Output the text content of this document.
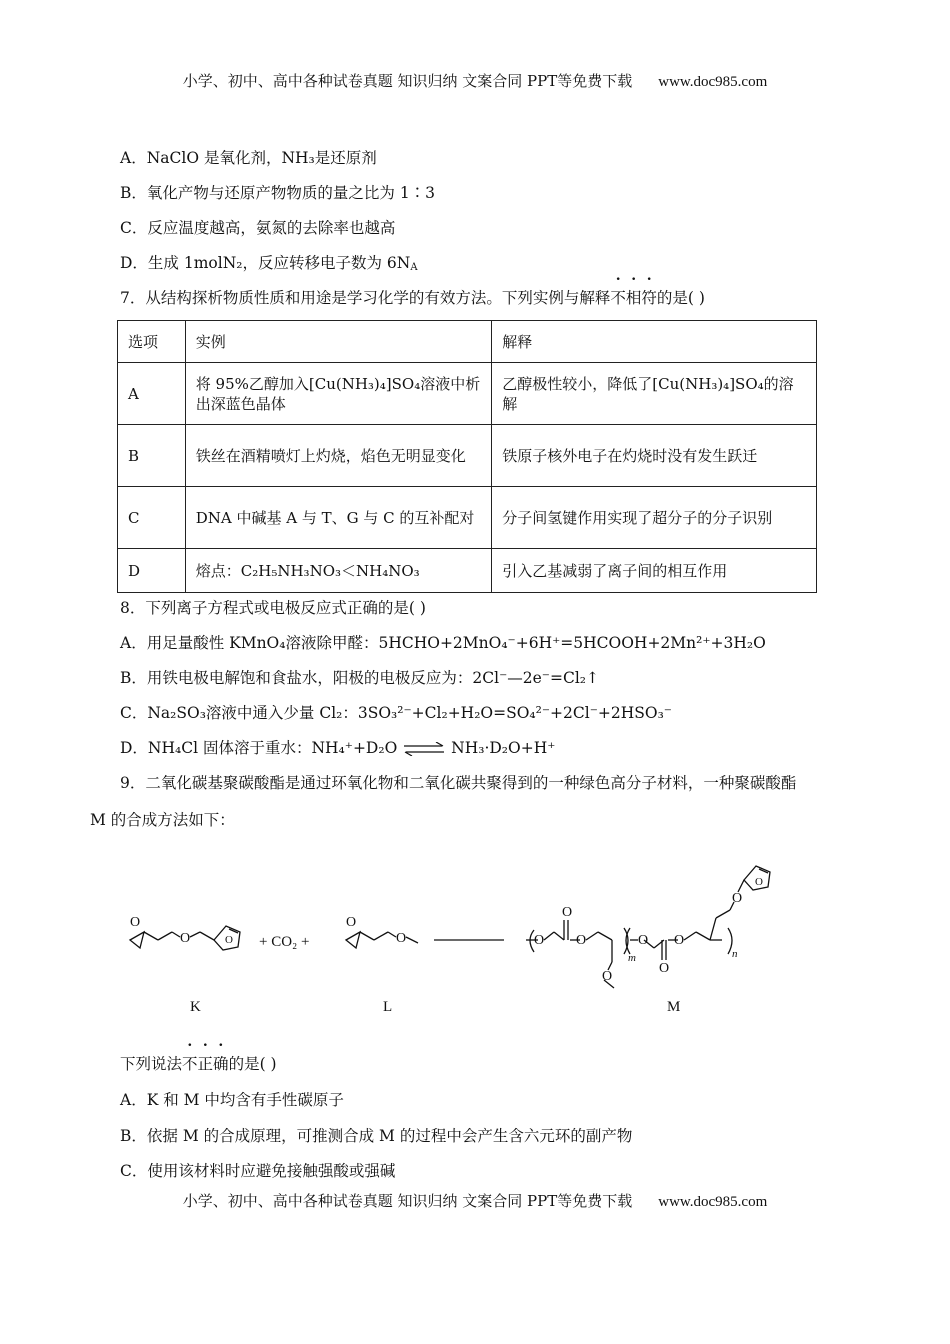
小学、初中、高中各种试卷真题 知识归纳 文案合同 PPT等免费下载 www.doc985.com
A．NaClO 是氧化剂，NH₃是还原剂
B．氧化产物与还原产物物质的量之比为 1∶3
C．反应温度越高，氨氮的去除率也越高
D．生成 1molN₂，反应转移电子数为 $6N_A$
7．从结构探析物质性质和用途是学习化学的有效方法。下列实例与解释不相符的是( )
选项	实例	解释
A	将 95%乙醇加入[Cu(NH₃)₄]SO₄溶液中析出深蓝色晶体	乙醇极性较小，降低了[Cu(NH₃)₄]SO₄的溶解
B	铁丝在酒精喷灯上灼烧，焰色无明显变化	铁原子核外电子在灼烧时没有发生跃迁
C	DNA 中碱基 A 与 T、G 与 C 的互补配对	分子间氢键作用实现了超分子的分子识别
D	熔点：C₂H₅NH₃NO₃＜NH₄NO₃	引入乙基减弱了离子间的相互作用
8．下列离子方程式或电极反应式正确的是( )
A．用足量酸性 KMnO₄溶液除甲醛：5HCHO+2MnO₄⁻+6H⁺=5HCOOH+2Mn²⁺+3H₂O
B．用铁电极电解饱和食盐水，阳极的电极反应为：2Cl⁻—2e⁻=Cl₂↑
C．Na₂SO₃溶液中通入少量 Cl₂：3SO₃²⁻+Cl₂+H₂O=SO₄²⁻+2Cl⁻+2HSO₃⁻
D．NH₄Cl 固体溶于重水：NH₄⁺+D₂O ⇌ NH₃·D₂O+H⁺
9．二氧化碳基聚碳酸酯是通过环氧化物和二氧化碳共聚得到的一种绿色高分子材料，一种聚碳酸酯
M 的合成方法如下：
O	O	O
O
O
O
O
O
O
O
O
O
O
O
+ CO₂ +
m	n
K	L	M
下列说法不正确的是( )
A．K 和 M 中均含有手性碳原子
B．依据 M 的合成原理，可推测合成 M 的过程中会产生含六元环的副产物
C．使用该材料时应避免接触强酸或强碱
小学、初中、高中各种试卷真题 知识归纳 文案合同 PPT等免费下载 www.doc985.com
